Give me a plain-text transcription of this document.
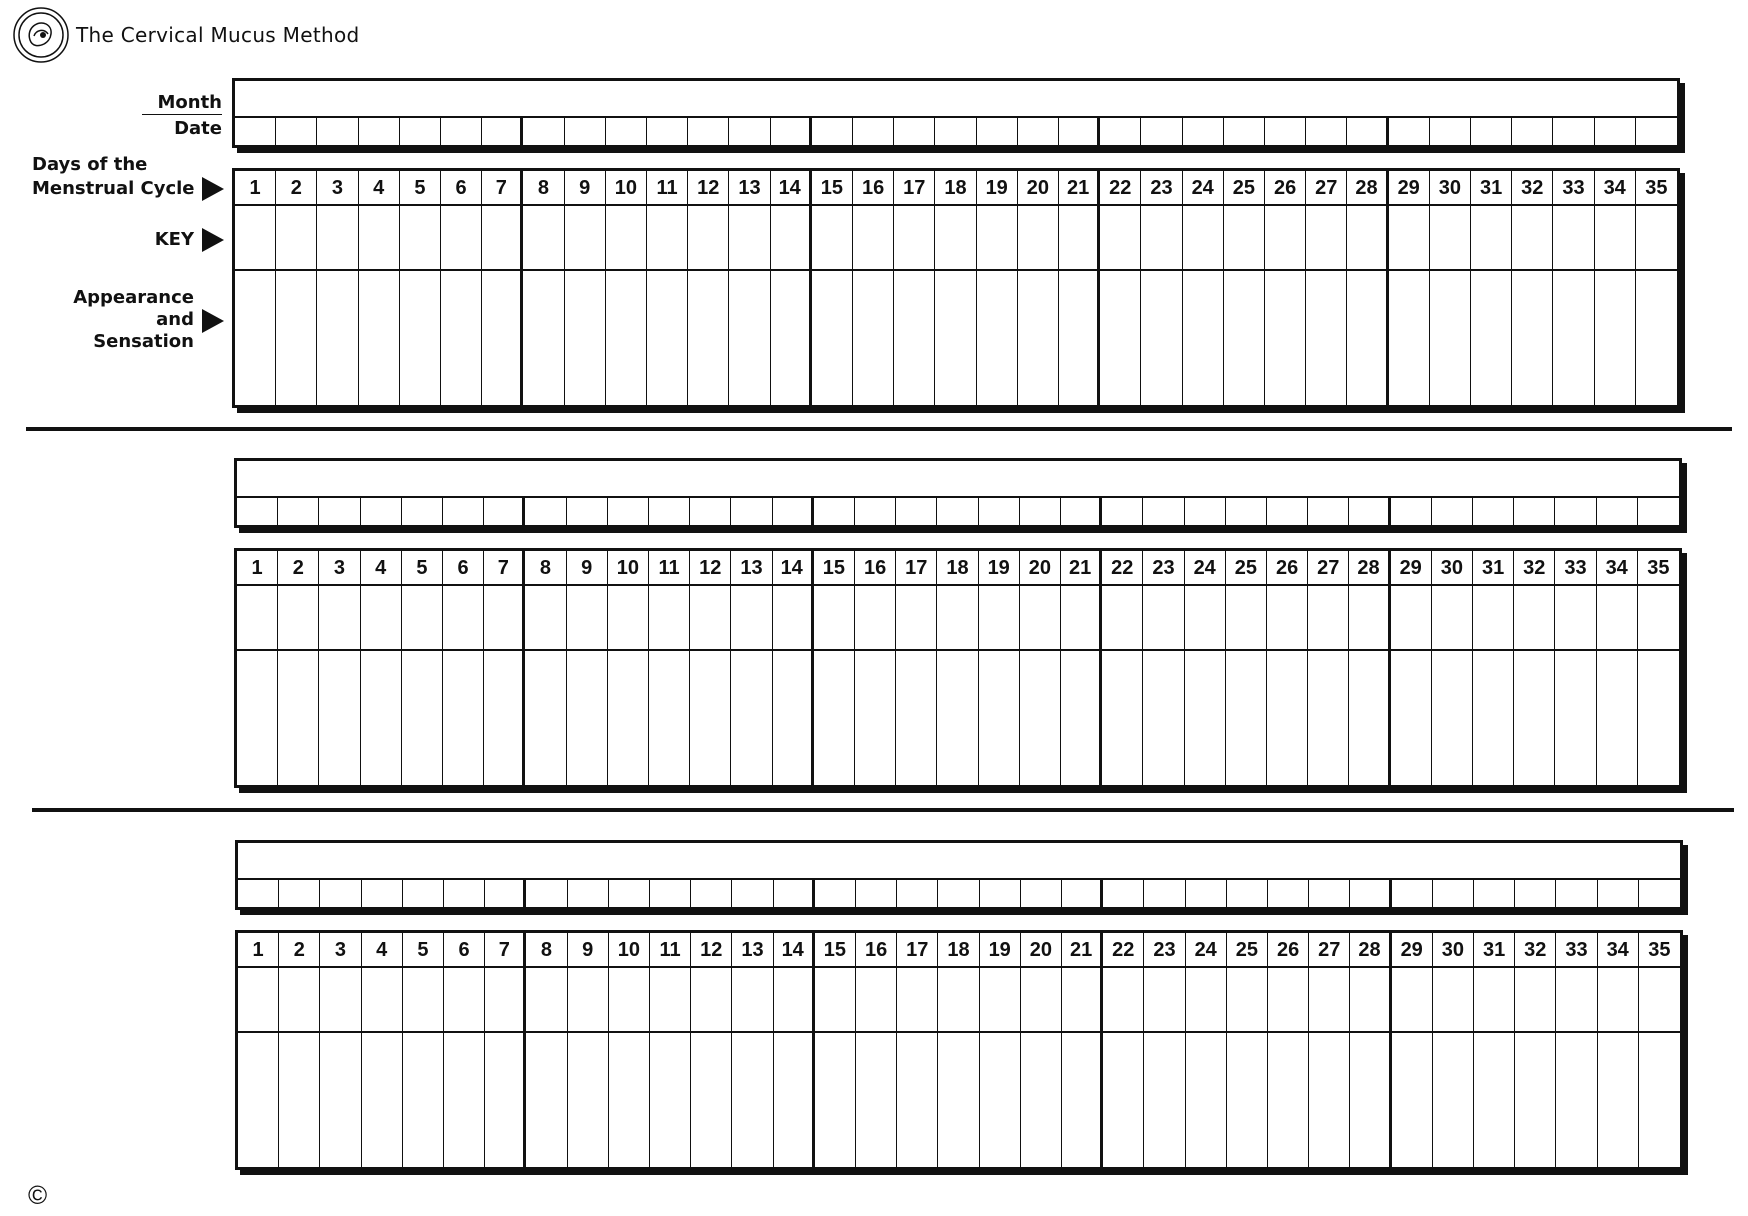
The Cervical Mucus Method
Month
Date
Days of the
Menstrual Cycle
KEY
Appearance
and
Sensation
1	2	3	4	5	6	7	8	9	10 11 12 13 14 15 16 17 18 19 20 21 22 23 24 25 26 27 28 29 30 31 32 33 34 35
1	2	3	4	5	6	7	8	9	10 11 12 13 14 15 16 17 18 19 20 21 22 23 24 25 26 27 28 29 30 31 32 33 34 35
1	2	3	4	5	6	7	8	9	10 11 12 13 14 15 16 17 18 19 20 21 22 23 24 25 26 27 28 29 30 31 32 33 34 35
©
